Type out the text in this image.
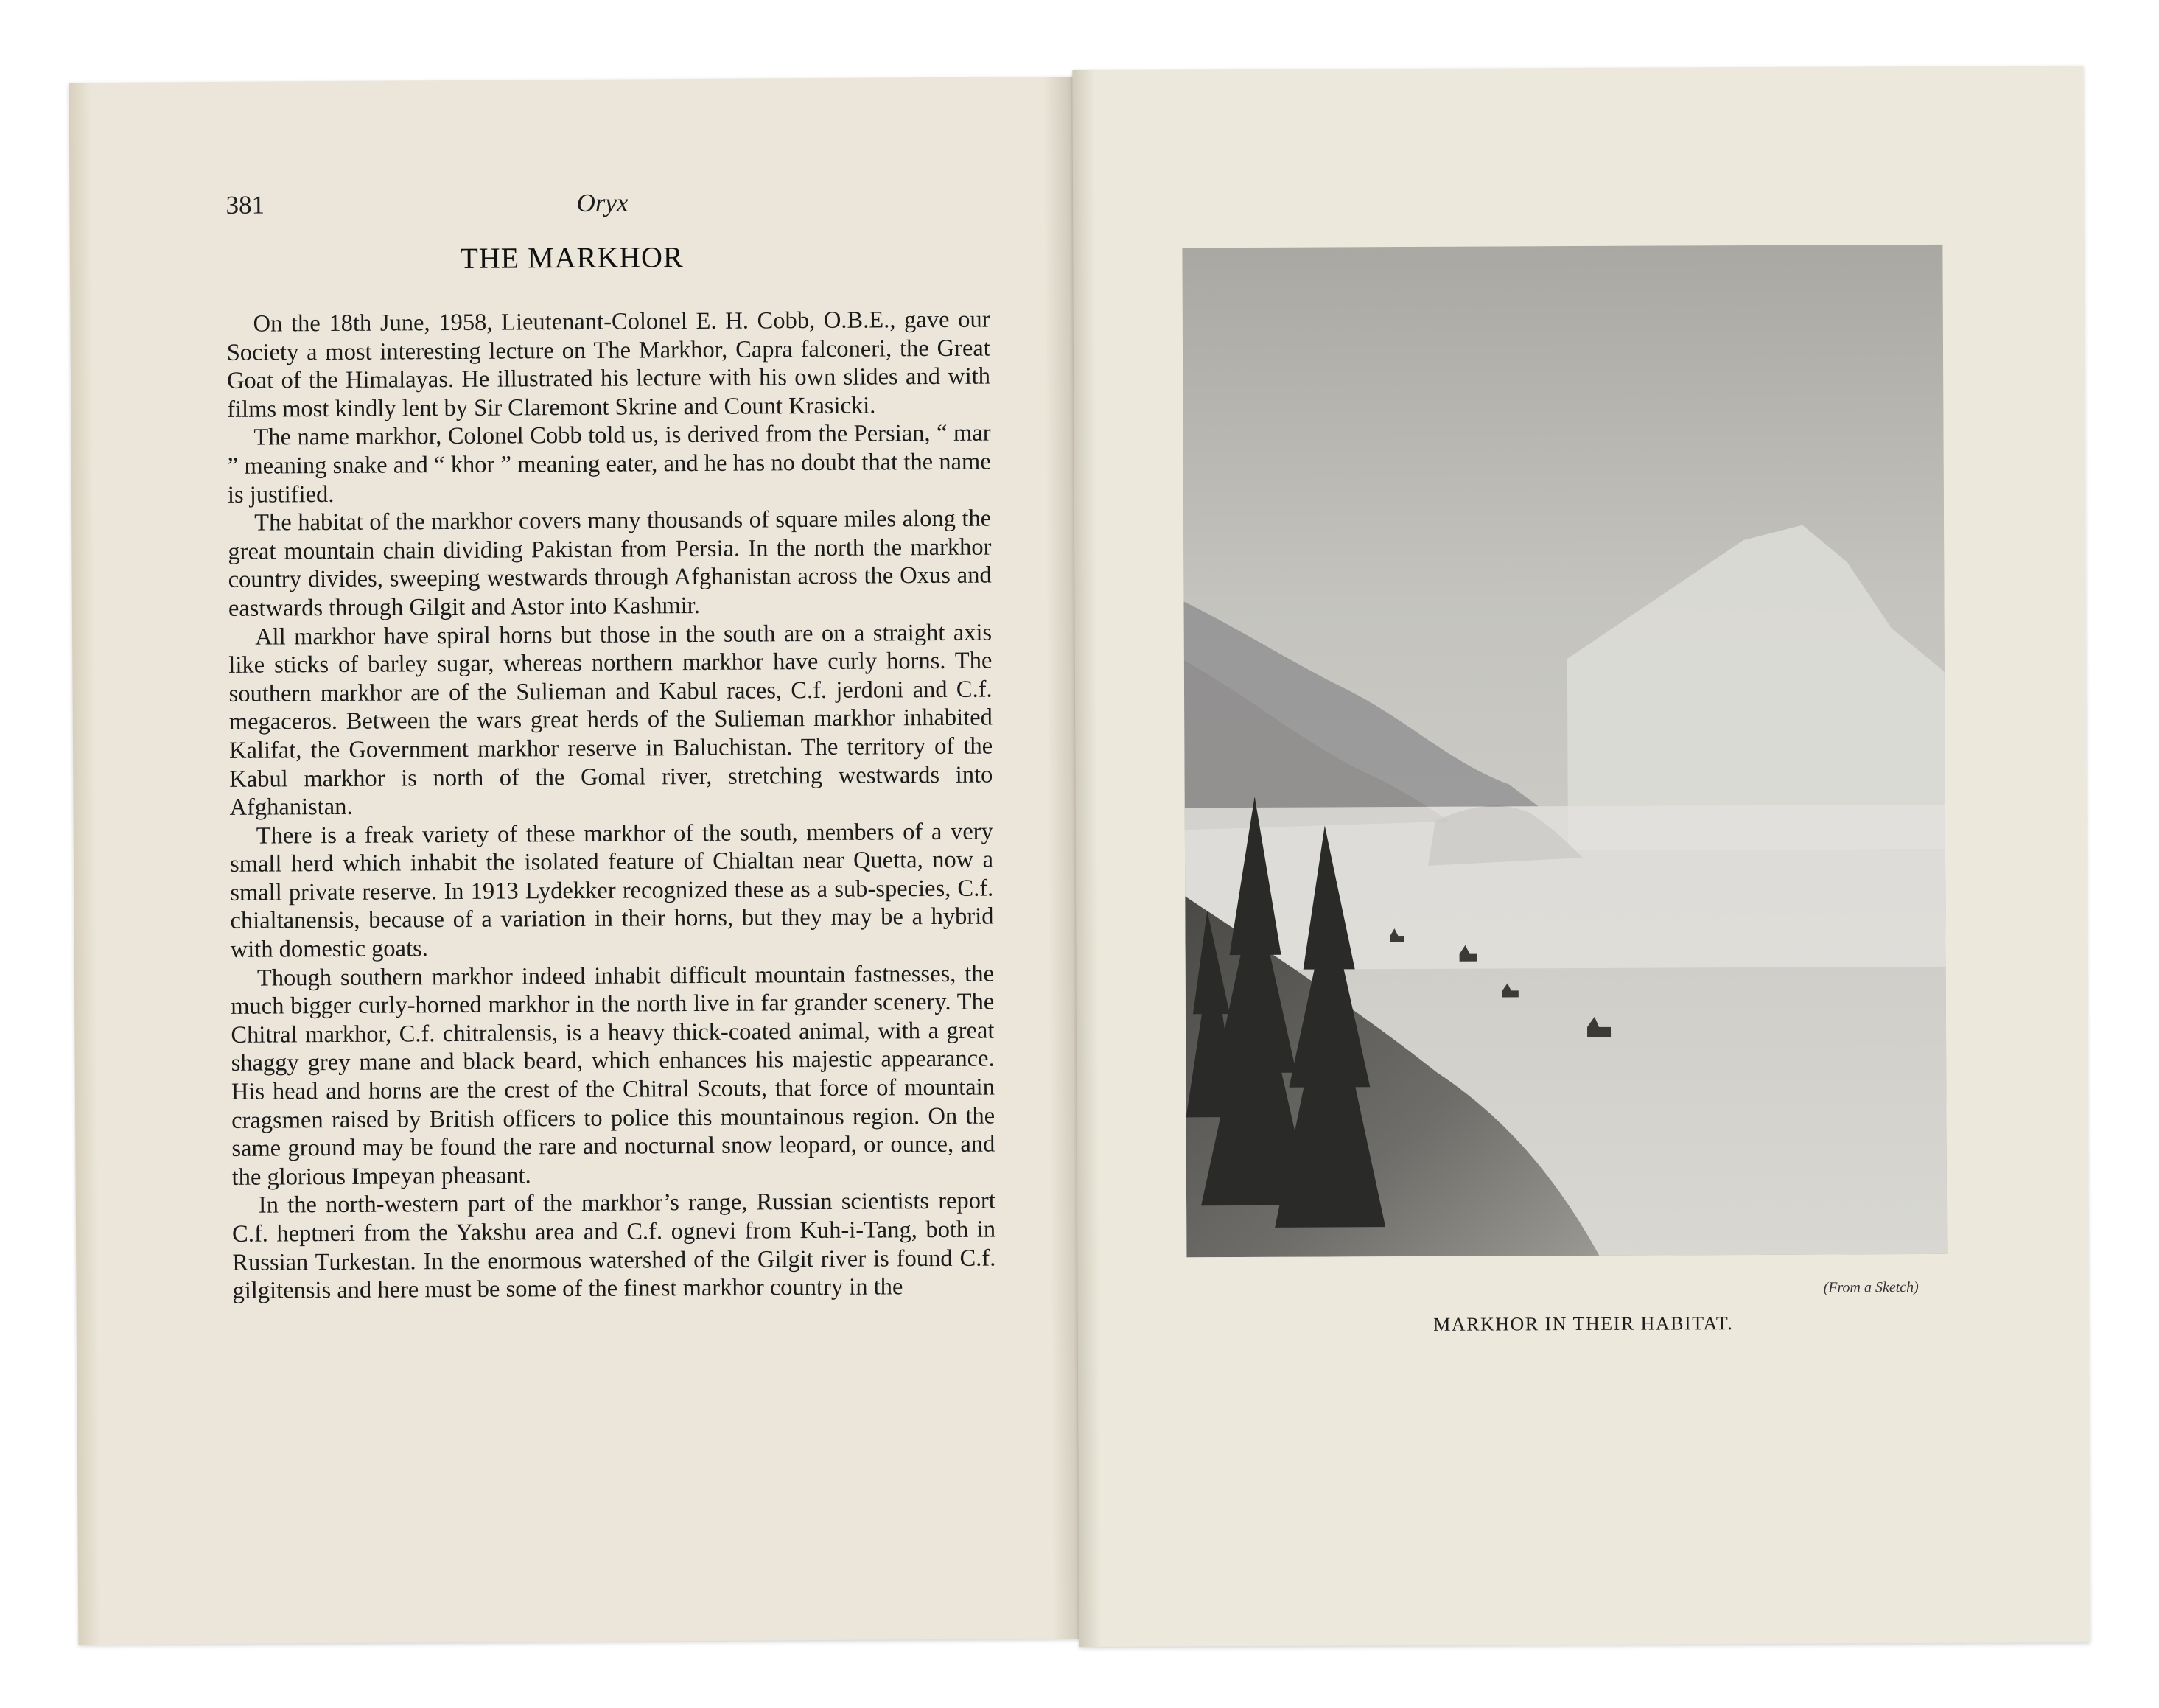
381	Oryx
THE MARKHOR

On the 18th June, 1958, Lieutenant-Colonel E. H. Cobb, O.B.E., gave our Society a most interesting lecture on The Markhor, Capra falconeri, the Great Goat of the Himalayas. He illustrated his lecture with his own slides and with films most kindly lent by Sir Claremont Skrine and Count Krasicki.

The name markhor, Colonel Cobb told us, is derived from the Persian, “ mar ” meaning snake and “ khor ” meaning eater, and he has no doubt that the name is justified.

The habitat of the markhor covers many thousands of square miles along the great mountain chain dividing Pakistan from Persia. In the north the markhor country divides, sweeping westwards through Afghanistan across the Oxus and eastwards through Gilgit and Astor into Kashmir.

All markhor have spiral horns but those in the south are on a straight axis like sticks of barley sugar, whereas northern markhor have curly horns. The southern markhor are of the Sulieman and Kabul races, C.f. jerdoni and C.f. megaceros. Between the wars great herds of the Sulieman markhor inhabited Kalifat, the Government markhor reserve in Baluchistan. The territory of the Kabul markhor is north of the Gomal river, stretching westwards into Afghanistan.

There is a freak variety of these markhor of the south, members of a very small herd which inhabit the isolated feature of Chialtan near Quetta, now a small private reserve. In 1913 Lydekker recognized these as a sub-species, C.f. chialtanensis, because of a variation in their horns, but they may be a hybrid with domestic goats.

Though southern markhor indeed inhabit difficult mountain fastnesses, the much bigger curly-horned markhor in the north live in far grander scenery. The Chitral markhor, C.f. chitralensis, is a heavy thick-coated animal, with a great shaggy grey mane and black beard, which enhances his majestic appearance. His head and horns are the crest of the Chitral Scouts, that force of mountain cragsmen raised by British officers to police this mountainous region. On the same ground may be found the rare and nocturnal snow leopard, or ounce, and the glorious Impeyan pheasant.

In the north-western part of the markhor’s range, Russian scientists report C.f. heptneri from the Yakshu area and C.f. ognevi from Kuh-i-Tang, both in Russian Turkestan. In the enormous watershed of the Gilgit river is found C.f. gilgitensis and here must be some of the finest markhor country in the	(From a Sketch)
MARKHOR IN THEIR HABITAT.
